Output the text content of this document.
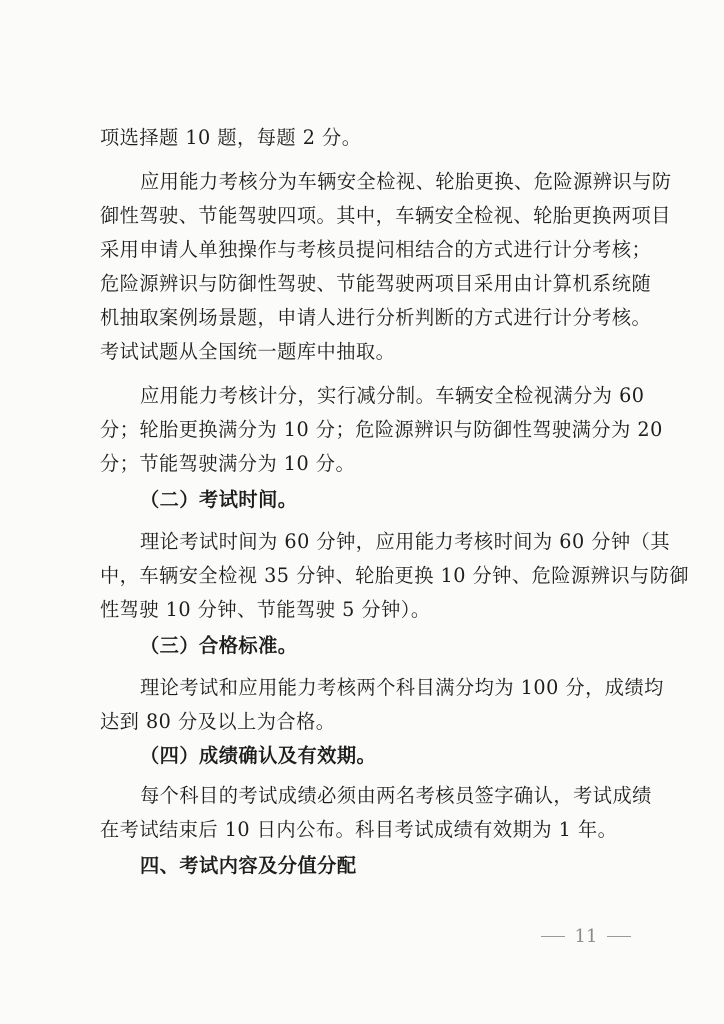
项选择题 10 题，每题 2 分。
应用能力考核分为车辆安全检视、轮胎更换、危险源辨识与防
御性驾驶、节能驾驶四项。其中，车辆安全检视、轮胎更换两项目
采用申请人单独操作与考核员提问相结合的方式进行计分考核；
危险源辨识与防御性驾驶、节能驾驶两项目采用由计算机系统随
机抽取案例场景题，申请人进行分析判断的方式进行计分考核。
考试试题从全国统一题库中抽取。
应用能力考核计分，实行减分制。车辆安全检视满分为 60
分；轮胎更换满分为 10 分；危险源辨识与防御性驾驶满分为 20
分；节能驾驶满分为 10 分。
（二）考试时间。
理论考试时间为 60 分钟，应用能力考核时间为 60 分钟（其
中，车辆安全检视 35 分钟、轮胎更换 10 分钟、危险源辨识与防御
性驾驶 10 分钟、节能驾驶 5 分钟）。
（三）合格标准。
理论考试和应用能力考核两个科目满分均为 100 分，成绩均
达到 80 分及以上为合格。
（四）成绩确认及有效期。
每个科目的考试成绩必须由两名考核员签字确认，考试成绩
在考试结束后 10 日内公布。科目考试成绩有效期为 1 年。
四、考试内容及分值分配
11
